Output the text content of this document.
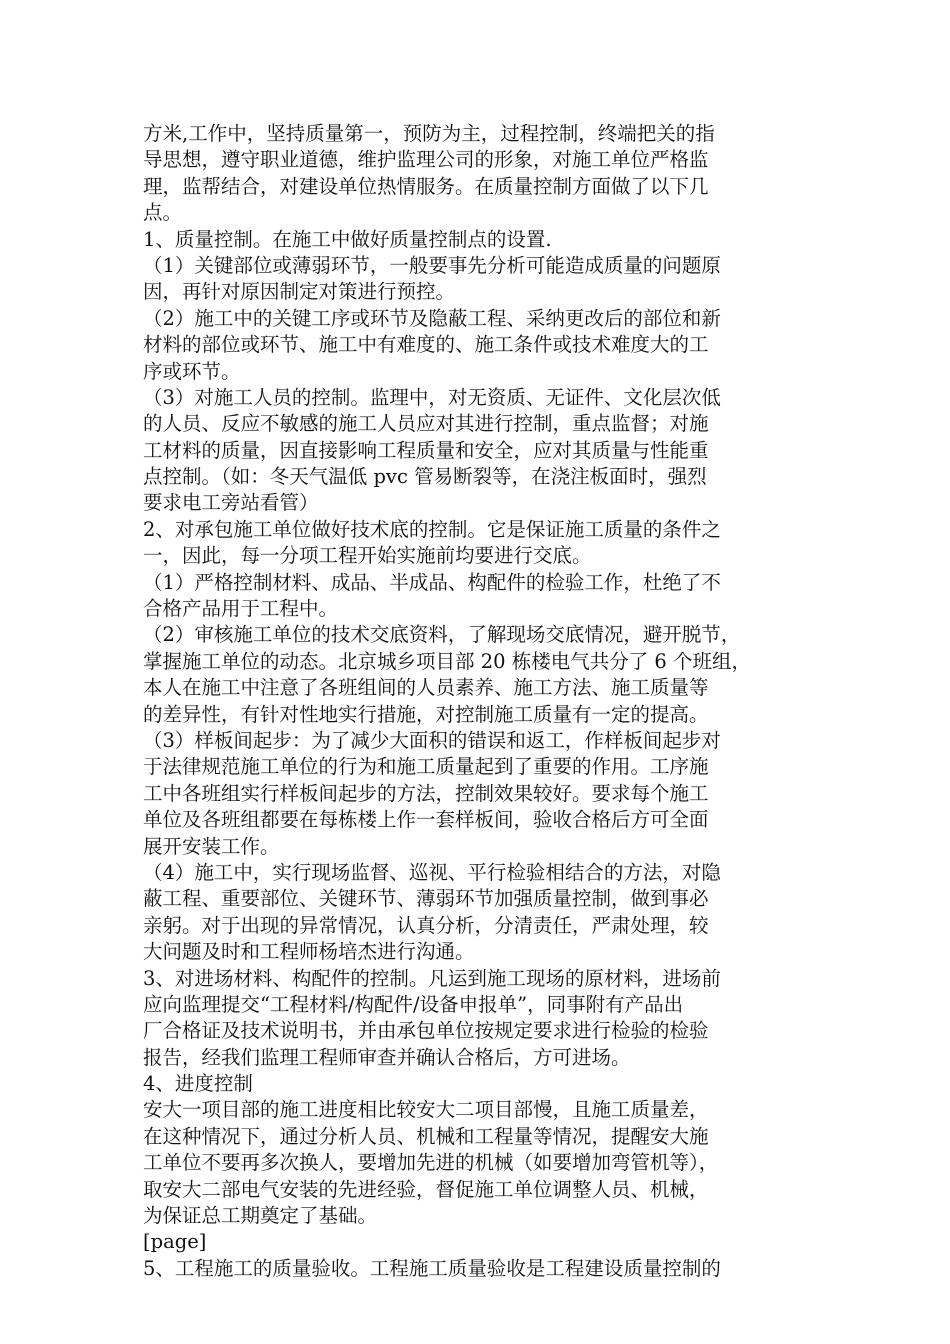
方米,工作中，坚持质量第一，预防为主，过程控制，终端把关的指
导思想，遵守职业道德，维护监理公司的形象，对施工单位严格监
理，监帮结合，对建设单位热情服务。在质量控制方面做了以下几
点。
1、质量控制。在施工中做好质量控制点的设置.
（1）关键部位或薄弱环节，一般要事先分析可能造成质量的问题原
因，再针对原因制定对策进行预控。
（2）施工中的关键工序或环节及隐蔽工程、采纳更改后的部位和新
材料的部位或环节、施工中有难度的、施工条件或技术难度大的工
序或环节。
（3）对施工人员的控制。监理中，对无资质、无证件、文化层次低
的人员、反应不敏感的施工人员应对其进行控制，重点监督；对施
工材料的质量，因直接影响工程质量和安全，应对其质量与性能重
点控制。（如：冬天气温低 pvc 管易断裂等，在浇注板面时，强烈
要求电工旁站看管）
2、对承包施工单位做好技术底的控制。它是保证施工质量的条件之
一，因此，每一分项工程开始实施前均要进行交底。
（1）严格控制材料、成品、半成品、构配件的检验工作，杜绝了不
合格产品用于工程中。
（2）审核施工单位的技术交底资料，了解现场交底情况，避开脱节，
掌握施工单位的动态。北京城乡项目部 20 栋楼电气共分了 6 个班组，
本人在施工中注意了各班组间的人员素养、施工方法、施工质量等
的差异性，有针对性地实行措施，对控制施工质量有一定的提高。
（3）样板间起步：为了减少大面积的错误和返工，作样板间起步对
于法律规范施工单位的行为和施工质量起到了重要的作用。工序施
工中各班组实行样板间起步的方法，控制效果较好。要求每个施工
单位及各班组都要在每栋楼上作一套样板间，验收合格后方可全面
展开安装工作。
（4）施工中，实行现场监督、巡视、平行检验相结合的方法，对隐
蔽工程、重要部位、关键环节、薄弱环节加强质量控制，做到事必
亲躬。对于出现的异常情况，认真分析，分清责任，严肃处理，较
大问题及时和工程师杨培杰进行沟通。
3、对进场材料、构配件的控制。凡运到施工现场的原材料，进场前
应向监理提交“工程材料/构配件/设备申报单”，同事附有产品出
厂合格证及技术说明书，并由承包单位按规定要求进行检验的检验
报告，经我们监理工程师审查并确认合格后，方可进场。
4、进度控制
安大一项目部的施工进度相比较安大二项目部慢，且施工质量差，
在这种情况下，通过分析人员、机械和工程量等情况，提醒安大施
工单位不要再多次换人，要增加先进的机械（如要增加弯管机等），
取安大二部电气安装的先进经验，督促施工单位调整人员、机械，
为保证总工期奠定了基础。
[page]
5、工程施工的质量验收。工程施工质量验收是工程建设质量控制的
